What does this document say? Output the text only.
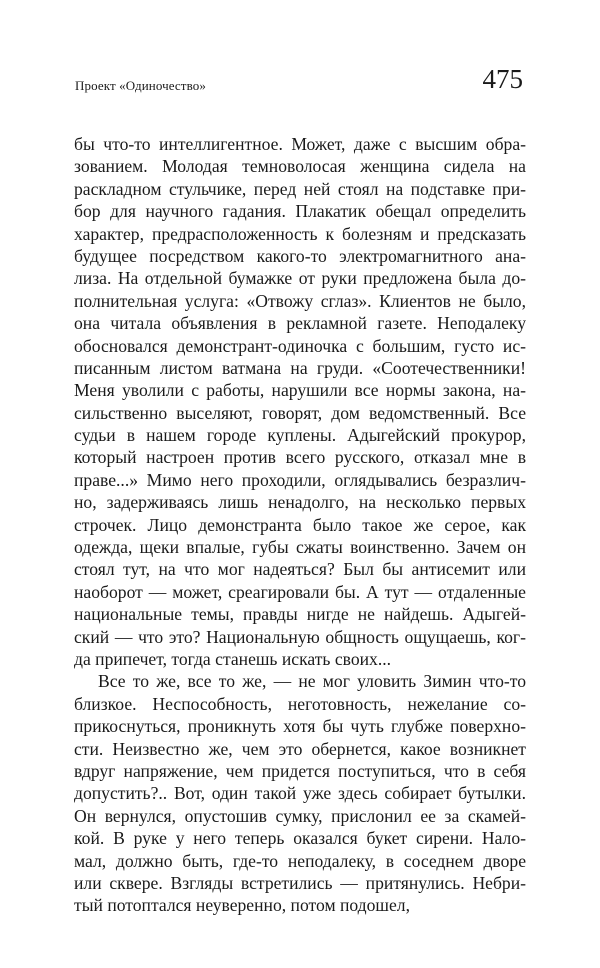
Проект «Одиночество»	475
бы что-то интеллигентное. Может, даже с высшим обра-
зованием. Молодая темноволосая женщина сидела на
раскладном стульчике, перед ней стоял на подставке при-
бор для научного гадания. Плакатик обещал определить
характер, предрасположенность к болезням и предсказать
будущее посредством какого-то электромагнитного ана-
лиза. На отдельной бумажке от руки предложена была до-
полнительная услуга: «Отвожу сглаз». Клиентов не было,
она читала объявления в рекламной газете. Неподалеку
обосновался демонстрант-одиночка с большим, густо ис-
писанным листом ватмана на груди. «Соотечественники!
Меня уволили с работы, нарушили все нормы закона, на-
сильственно выселяют, говорят, дом ведомственный. Все
судьи в нашем городе куплены. Адыгейский прокурор,
который настроен против всего русского, отказал мне в
праве...» Мимо него проходили, оглядывались безразлич-
но, задерживаясь лишь ненадолго, на несколько первых
строчек. Лицо демонстранта было такое же серое, как
одежда, щеки впалые, губы сжаты воинственно. Зачем он
стоял тут, на что мог надеяться? Был бы антисемит или
наоборот — может, среагировали бы. А тут — отдаленные
национальные темы, правды нигде не найдешь. Адыгей-
ский — что это? Национальную общность ощущаешь, ког-
да припечет, тогда станешь искать своих...
Все то же, все то же, — не мог уловить Зимин что-то
близкое. Неспособность, неготовность, нежелание со-
прикоснуться, проникнуть хотя бы чуть глубже поверхно-
сти. Неизвестно же, чем это обернется, какое возникнет
вдруг напряжение, чем придется поступиться, что в себя
допустить?.. Вот, один такой уже здесь собирает бутылки.
Он вернулся, опустошив сумку, прислонил ее за скамей-
кой. В руке у него теперь оказался букет сирени. Нало-
мал, должно быть, где-то неподалеку, в соседнем дворе
или сквере. Взгляды встретились — притянулись. Небри-
тый потоптался неуверенно, потом подошел,
